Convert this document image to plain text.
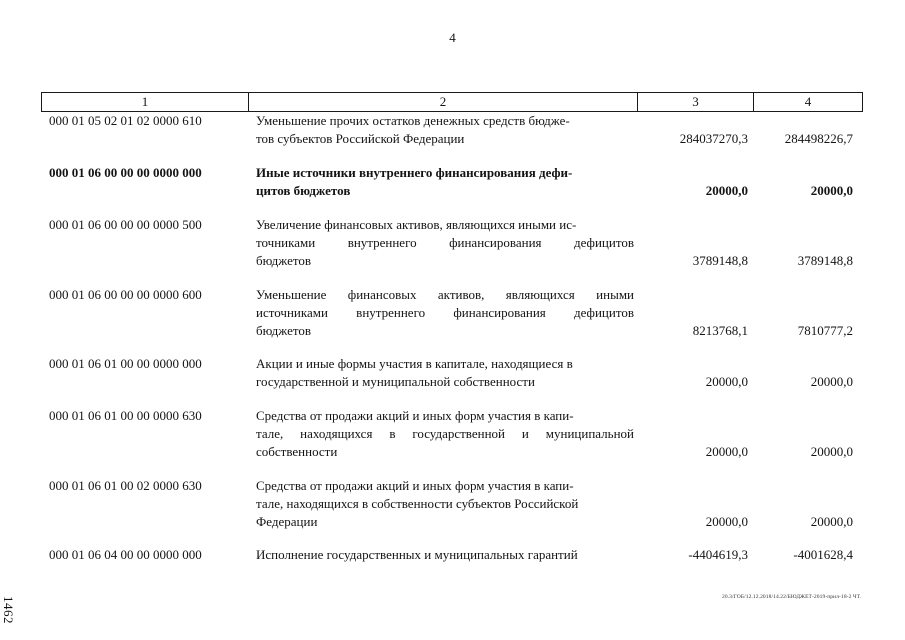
4
1	2	3	4
000 01 05 02 01 02 0000 610	Уменьшение прочих остатков денежных средств бюдже-
тов субъектов Российской Федерации	284037270,3	284498226,7
000 01 06 00 00 00 0000 000	Иные источники внутреннего финансирования дефи-
цитов бюджетов	20000,0	20000,0
000 01 06 00 00 00 0000 500	Увеличение финансовых активов, являющихся иными ис-
точниками внутреннего финансирования дефицитов
бюджетов	3789148,8	3789148,8
000 01 06 00 00 00 0000 600	Уменьшение финансовых активов, являющихся иными
источниками внутреннего финансирования дефицитов
бюджетов	8213768,1	7810777,2
000 01 06 01 00 00 0000 000	Акции и иные формы участия в капитале, находящиеся в
государственной и муниципальной собственности	20000,0	20000,0
000 01 06 01 00 00 0000 630	Средства от продажи акций и иных форм участия в капи-
тале, находящихся в государственной и муниципальной
собственности	20000,0	20000,0
000 01 06 01 00 02 0000 630	Средства от продажи акций и иных форм участия в капи-
тале, находящихся в собственности субъектов Российской
Федерации	20000,0	20000,0
000 01 06 04 00 00 0000 000	Исполнение государственных и муниципальных гарантий	-4404619,3	-4001628,4
1462	20.3/ГОБ/12.12.2018/14.22/БЮДЖЕТ-2019-прил-18-2 ЧТ.
